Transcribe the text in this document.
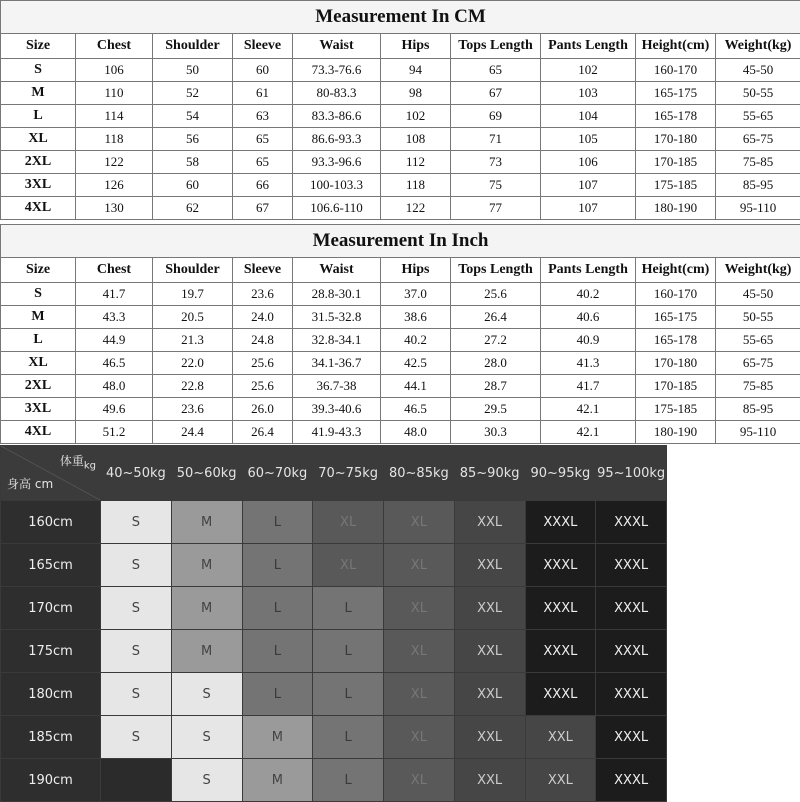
Measurement In CM									
Size	Chest	Shoulder	Sleeve	Waist	Hips	Tops Length	Pants Length	Height(cm)	Weight(kg)
S	106	50	60	73.3-76.6	94	65	102	160-170	45-50
M	110	52	61	80-83.3	98	67	103	165-175	50-55
L	114	54	63	83.3-86.6	102	69	104	165-178	55-65
XL	118	56	65	86.6-93.3	108	71	105	170-180	65-75
2XL	122	58	65	93.3-96.6	112	73	106	170-185	75-85
3XL	126	60	66	100-103.3	118	75	107	175-185	85-95
4XL	130	62	67	106.6-110	122	77	107	180-190	95-110
Measurement In Inch									
Size	Chest	Shoulder	Sleeve	Waist	Hips	Tops Length	Pants Length	Height(cm)	Weight(kg)
S	41.7	19.7	23.6	28.8-30.1	37.0	25.6	40.2	160-170	45-50
M	43.3	20.5	24.0	31.5-32.8	38.6	26.4	40.6	165-175	50-55
L	44.9	21.3	24.8	32.8-34.1	40.2	27.2	40.9	165-178	55-65
XL	46.5	22.0	25.6	34.1-36.7	42.5	28.0	41.3	170-180	65-75
2XL	48.0	22.8	25.6	36.7-38	44.1	28.7	41.7	170-185	75-85
3XL	49.6	23.6	26.0	39.3-40.6	46.5	29.5	42.1	175-185	85-95
4XL	51.2	24.4	26.4	41.9-43.3	48.0	30.3	42.1	180-190	95-110
体重$_{kg}$
身高 cm	40~50kg	50~60kg	60~70kg	70~75kg	80~85kg	85~90kg	90~95kg	95~100kg
160cm	S	M	L	XL	XL	XXL	XXXL	XXXL
165cm	S	M	L	XL	XL	XXL	XXXL	XXXL
170cm	S	M	L	L	XL	XXL	XXXL	XXXL
175cm	S	M	L	L	XL	XXL	XXXL	XXXL
180cm	S	S	L	L	XL	XXL	XXXL	XXXL
185cm	S	S	M	L	XL	XXL	XXL	XXXL
190cm		S	M	L	XL	XXL	XXL	XXXL
